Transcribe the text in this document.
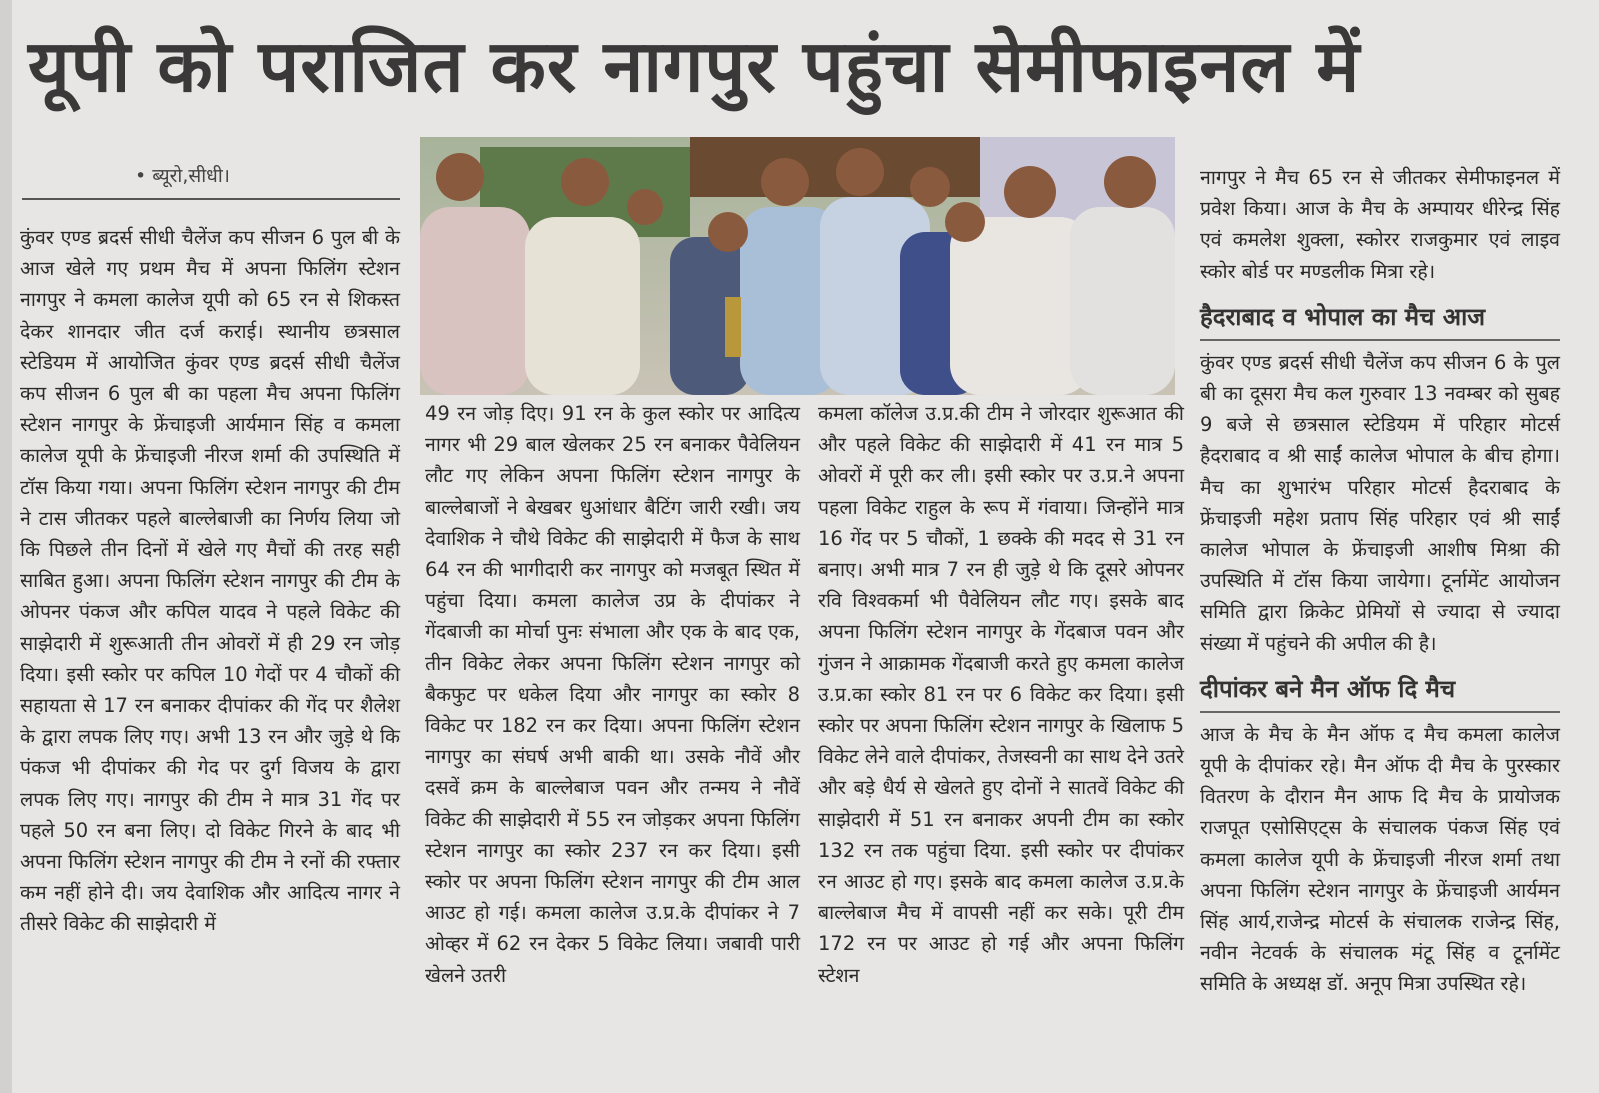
यूपी को पराजित कर नागपुर पहुंचा सेमीफाइनल में
• ब्यूरो,सीधी।
कुंवर एण्ड ब्रदर्स सीधी चैलेंज कप सीजन 6 पुल बी के आज खेले गए प्रथम मैच में अपना फिलिंग स्टेशन नागपुर ने कमला कालेज यूपी को 65 रन से शिकस्त देकर शानदार जीत दर्ज कराई। स्थानीय छत्रसाल स्टेडियम में आयोजित कुंवर एण्ड ब्रदर्स सीधी चैलेंज कप सीजन 6 पुल बी का पहला मैच अपना फिलिंग स्टेशन नागपुर के फ्रेंचाइजी आर्यमान सिंह व कमला कालेज यूपी के फ्रेंचाइजी नीरज शर्मा की उपस्थिति में टॉस किया गया। अपना फिलिंग स्टेशन नागपुर की टीम ने टास जीतकर पहले बाल्लेबाजी का निर्णय लिया जो कि पिछले तीन दिनों में खेले गए मैचों की तरह सही साबित हुआ। अपना फिलिंग स्टेशन नागपुर की टीम के ओपनर पंकज और कपिल यादव ने पहले विकेट की साझेदारी में शुरूआती तीन ओवरों में ही 29 रन जोड़ दिया। इसी स्कोर पर कपिल 10 गेदों पर 4 चौकों की सहायता से 17 रन बनाकर दीपांकर की गेंद पर शैलेश के द्वारा लपक लिए गए। अभी 13 रन और जुड़े थे कि पंकज भी दीपांकर की गेद पर दुर्ग विजय के द्वारा लपक लिए गए। नागपुर की टीम ने मात्र 31 गेंद पर पहले 50 रन बना लिए। दो विकेट गिरने के बाद भी अपना फिलिंग स्टेशन नागपुर की टीम ने रनों की रफ्तार कम नहीं होने दी। जय देवाशिक और आदित्य नागर ने तीसरे विकेट की साझेदारी में
49 रन जोड़ दिए। 91 रन के कुल स्कोर पर आदित्य नागर भी 29 बाल खेलकर 25 रन बनाकर पैवेलियन लौट गए लेकिन अपना फिलिंग स्टेशन नागपुर के बाल्लेबाजों ने बेखबर धुआंधार बैटिंग जारी रखी। जय देवाशिक ने चौथे विकेट की साझेदारी में फैज के साथ 64 रन की भागीदारी कर नागपुर को मजबूत स्थित में पहुंचा दिया। कमला कालेज उप्र के दीपांकर ने गेंदबाजी का मोर्चा पुनः संभाला और एक के बाद एक, तीन विकेट लेकर अपना फिलिंग स्टेशन नागपुर को बैकफुट पर धकेल दिया और नागपुर का स्कोर 8 विकेट पर 182 रन कर दिया। अपना फिलिंग स्टेशन नागपुर का संघर्ष अभी बाकी था। उसके नौवें और दसवें क्रम के बाल्लेबाज पवन और तन्मय ने नौवें विकेट की साझेदारी में 55 रन जोड़कर अपना फिलिंग स्टेशन नागपुर का स्कोर 237 रन कर दिया। इसी स्कोर पर अपना फिलिंग स्टेशन नागपुर की टीम आल आउट हो गई। कमला कालेज उ.प्र.के दीपांकर ने 7 ओव्हर में 62 रन देकर 5 विकेट लिया। जबावी पारी खेलने उतरी
कमला कॉलेज उ.प्र.की टीम ने जोरदार शुरूआत की और पहले विकेट की साझेदारी में 41 रन मात्र 5 ओवरों में पूरी कर ली। इसी स्कोर पर उ.प्र.ने अपना पहला विकेट राहुल के रूप में गंवाया। जिन्होंने मात्र 16 गेंद पर 5 चौकों, 1 छक्के की मदद से 31 रन बनाए। अभी मात्र 7 रन ही जुड़े थे कि दूसरे ओपनर रवि विश्वकर्मा भी पैवेलियन लौट गए। इसके बाद अपना फिलिंग स्टेशन नागपुर के गेंदबाज पवन और गुंजन ने आक्रामक गेंदबाजी करते हुए कमला कालेज उ.प्र.का स्कोर 81 रन पर 6 विकेट कर दिया। इसी स्कोर पर अपना फिलिंग स्टेशन नागपुर के खिलाफ 5 विकेट लेने वाले दीपांकर, तेजस्वनी का साथ देने उतरे और बड़े धैर्य से खेलते हुए दोनों ने सातवें विकेट की साझेदारी में 51 रन बनाकर अपनी टीम का स्कोर 132 रन तक पहुंचा दिया. इसी स्कोर पर दीपांकर रन आउट हो गए। इसके बाद कमला कालेज उ.प्र.के बाल्लेबाज मैच में वापसी नहीं कर सके। पूरी टीम 172 रन पर आउट हो गई और अपना फिलिंग स्टेशन

नागपुर ने मैच 65 रन से जीतकर सेमीफाइनल में प्रवेश किया। आज के मैच के अम्पायर धीरेन्द्र सिंह एवं कमलेश शुक्ला, स्कोरर राजकुमार एवं लाइव स्कोर बोर्ड पर मण्डलीक मित्रा रहे।

हैदराबाद व भोपाल का मैच आज

कुंवर एण्ड ब्रदर्स सीधी चैलेंज कप सीजन 6 के पुल बी का दूसरा मैच कल गुरुवार 13 नवम्बर को सुबह 9 बजे से छत्रसाल स्टेडियम में परिहार मोटर्स हैदराबाद व श्री साईं कालेज भोपाल के बीच होगा। मैच का शुभारंभ परिहार मोटर्स हैदराबाद के फ्रेंचाइजी महेश प्रताप सिंह परिहार एवं श्री साईं कालेज भोपाल के फ्रेंचाइजी आशीष मिश्रा की उपस्थिति में टॉस किया जायेगा। टूर्नामेंट आयोजन समिति द्वारा क्रिकेट प्रेमियों से ज्यादा से ज्यादा संख्या में पहुंचने की अपील की है।

दीपांकर बने मैन ऑफ दि मैच

आज के मैच के मैन ऑफ द मैच कमला कालेज यूपी के दीपांकर रहे। मैन ऑफ दी मैच के पुरस्कार वितरण के दौरान मैन आफ दि मैच के प्रायोजक राजपूत एसोसिएट्स के संचालक पंकज सिंह एवं कमला कालेज यूपी के फ्रेंचाइजी नीरज शर्मा तथा अपना फिलिंग स्टेशन नागपुर के फ्रेंचाइजी आर्यमन सिंह आर्य,राजेन्द्र मोटर्स के संचालक राजेन्द्र सिंह, नवीन नेटवर्क के संचालक मंटू सिंह व टूर्नामेंट समिति के अध्यक्ष डॉ. अनूप मित्रा उपस्थित रहे।
